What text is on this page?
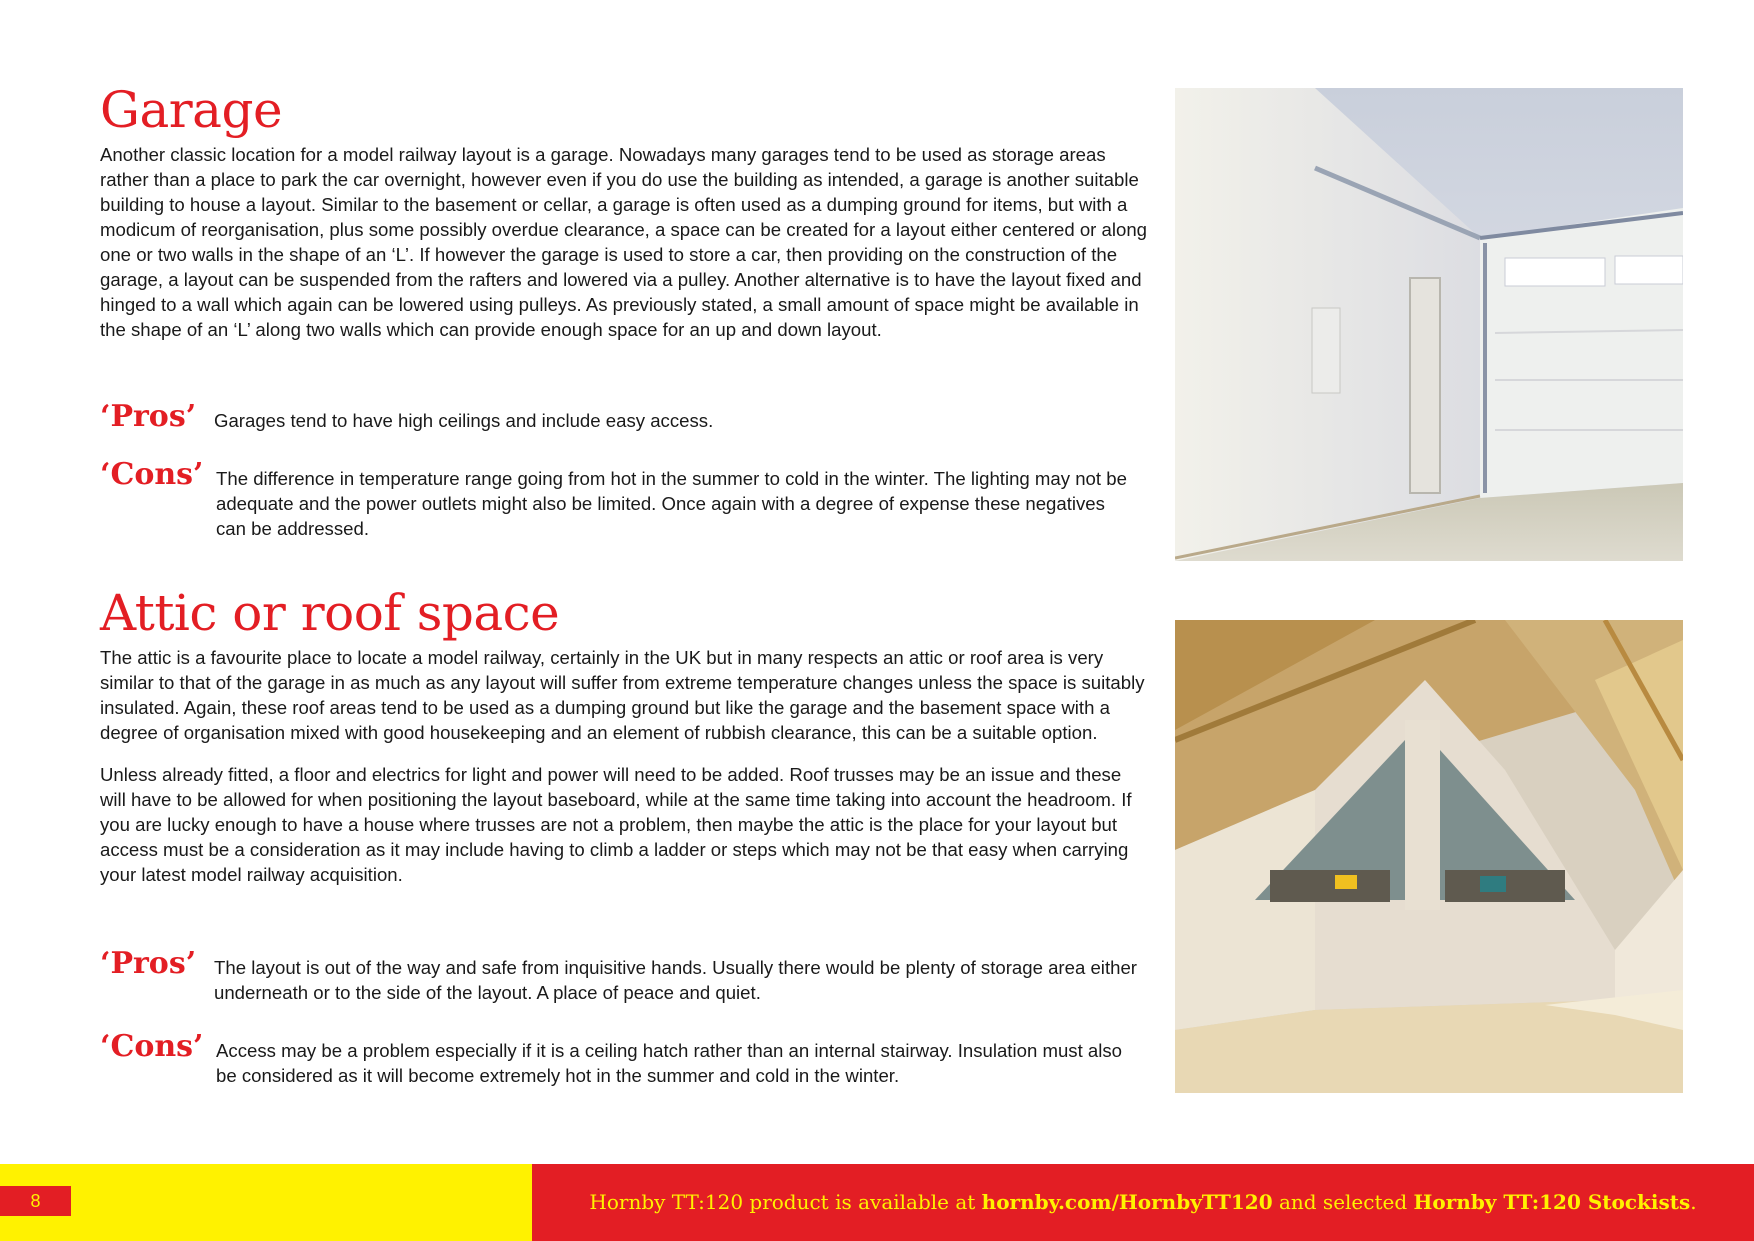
Garage

Another classic location for a model railway layout is a garage. Nowadays many garages tend to be used as storage areas rather than a place to park the car overnight, however even if you do use the building as intended, a garage is another suitable building to house a layout. Similar to the basement or cellar, a garage is often used as a dumping ground for items, but with a modicum of reorganisation, plus some possibly overdue clearance, a space can be created for a layout either centered or along one or two walls in the shape of an ‘L’. If however the garage is used to store a car, then providing on the construction of the garage, a layout can be suspended from the rafters and lowered via a pulley. Another alternative is to have the layout fixed and hinged to a wall which again can be lowered using pulleys. As previously stated, a small amount of space might be available in the shape of an ‘L’ along two walls which can provide enough space for an up and down layout.

‘Pros’ Garages tend to have high ceilings and include easy access.
‘Cons’ The difference in temperature range going from hot in the summer to cold in the winter. The lighting may not be adequate and the power outlets might also be limited. Once again with a degree of expense these negatives can be addressed.
Attic or roof space

The attic is a favourite place to locate a model railway, certainly in the UK but in many respects an attic or roof area is very similar to that of the garage in as much as any layout will suffer from extreme temperature changes unless the space is suitably insulated. Again, these roof areas tend to be used as a dumping ground but like the garage and the basement space with a degree of organisation mixed with good housekeeping and an element of rubbish clearance, this can be a suitable option.

Unless already fitted, a floor and electrics for light and power will need to be added. Roof trusses may be an issue and these will have to be allowed for when positioning the layout baseboard, while at the same time taking into account the headroom. If you are lucky enough to have a house where trusses are not a problem, then maybe the attic is the place for your layout but access must be a consideration as it may include having to climb a ladder or steps which may not be that easy when carrying your latest model railway acquisition.

‘Pros’ The layout is out of the way and safe from inquisitive hands. Usually there would be plenty of storage area either underneath or to the side of the layout. A place of peace and quiet.
‘Cons’ Access may be a problem especially if it is a ceiling hatch rather than an internal stairway. Insulation must also be considered as it will become extremely hot in the summer and cold in the winter.
8	Hornby TT:120 product is available at hornby.com/HornbyTT120 and selected Hornby TT:120 Stockists.
